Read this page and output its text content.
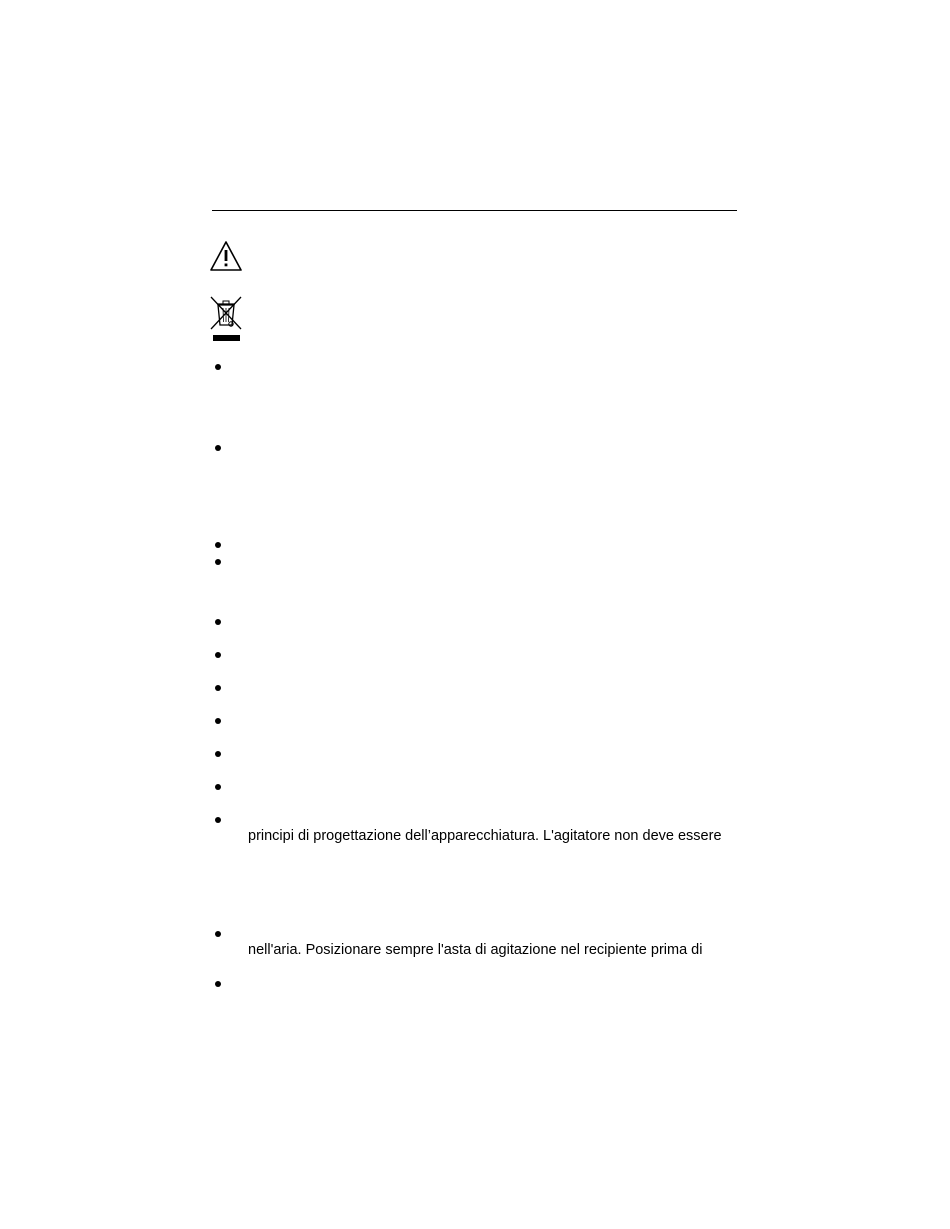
principi di progettazione dell’apparecchiatura. L'agitatore non deve essere
nell'aria. Posizionare sempre l'asta di agitazione nel recipiente prima di
